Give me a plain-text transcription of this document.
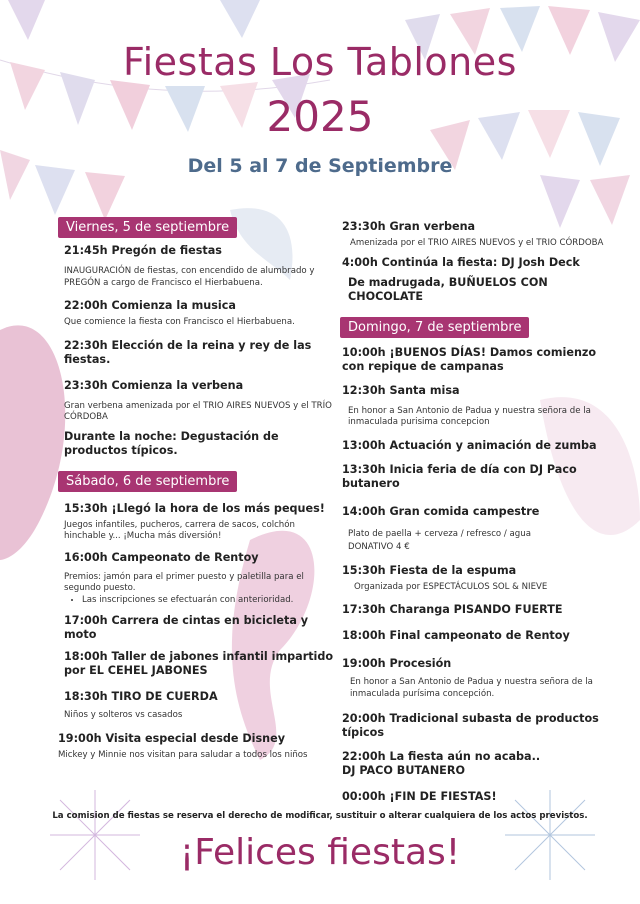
Fiestas Los Tablones
2025
Del 5 al 7 de Septiembre
Viernes, 5 de septiembre
21:45h Pregón de fiestas
INAUGURACIÓN de fiestas, con encendido de alumbrado y PREGÓN a cargo de Francisco el Hierbabuena.
22:00h Comienza la musica
Que comience la fiesta con Francisco el Hierbabuena.
22:30h Elección de la reina y rey de las fiestas.
23:30h Comienza la verbena
Gran verbena amenizada por el TRIO AIRES NUEVOS y el TRÍO CÓRDOBA
Durante la noche: Degustación de productos típicos.
Sábado, 6 de septiembre
15:30h ¡Llegó la hora de los más peques!
Juegos infantiles, pucheros, carrera de sacos, colchón hinchable y... ¡Mucha más diversión!
16:00h Campeonato de Rentoy
Premios: jamón para el primer puesto y paletilla para el segundo puesto.
• Las inscripciones se efectuarán con anterioridad.
17:00h Carrera de cintas en bicicleta y moto
18:00h Taller de jabones infantil impartido por EL CEHEL JABONES
18:30h TIRO DE CUERDA
Niños y solteros vs casados
19:00h Visita especial desde Disney
Mickey y Minnie nos visitan para saludar a todos los niños
23:30h Gran verbena
Amenizada por el TRIO AIRES NUEVOS y el TRIO CÓRDOBA
4:00h Continúa la fiesta: DJ Josh Deck
De madrugada, BUÑUELOS CON CHOCOLATE
Domingo, 7 de septiembre
10:00h ¡BUENOS DÍAS! Damos comienzo con repique de campanas
12:30h Santa misa
En honor a San Antonio de Padua y nuestra señora de la inmaculada purisima concepcion
13:00h Actuación y animación de zumba
13:30h Inicia feria de día con DJ Paco butanero
14:00h Gran comida campestre
Plato de paella + cerveza / refresco / agua
DONATIVO 4 €
15:30h Fiesta de la espuma
Organizada por ESPECTÁCULOS SOL & NIEVE
17:30h Charanga PISANDO FUERTE
18:00h Final campeonato de Rentoy
19:00h Procesión
En honor a San Antonio de Padua y nuestra señora de la inmaculada purísima concepción.
20:00h Tradicional subasta de productos típicos
22:00h La fiesta aún no acaba..
DJ PACO BUTANERO
00:00h ¡FIN DE FIESTAS!
La comision de fiestas se reserva el derecho de modificar, sustituir o alterar cualquiera de los actos previstos.
¡Felices fiestas!
